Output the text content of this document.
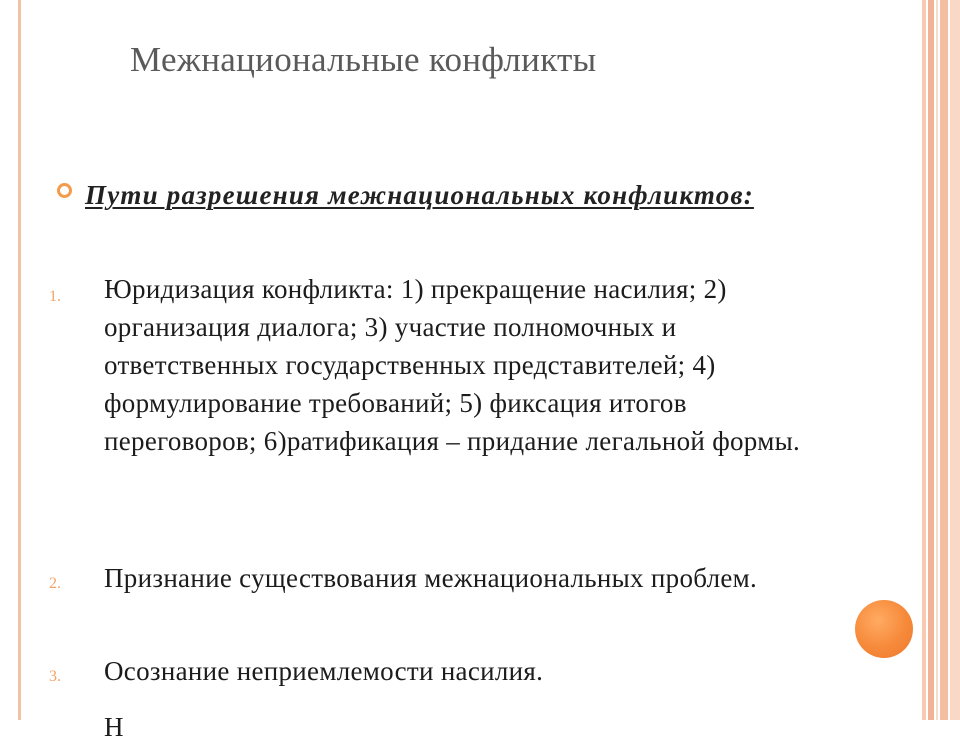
Межнациональные конфликты
Пути разрешения межнациональных конфликтов:
1. Юридизация конфликта: 1) прекращение насилия; 2) организация диалога; 3) участие полномочных и ответственных государственных представителей; 4) формулирование требований; 5) фиксация итогов переговоров; 6)ратификация – придание легальной формы.
2. Признание существования межнациональных проблем.
3. Осознание неприемлемости насилия.
Н
